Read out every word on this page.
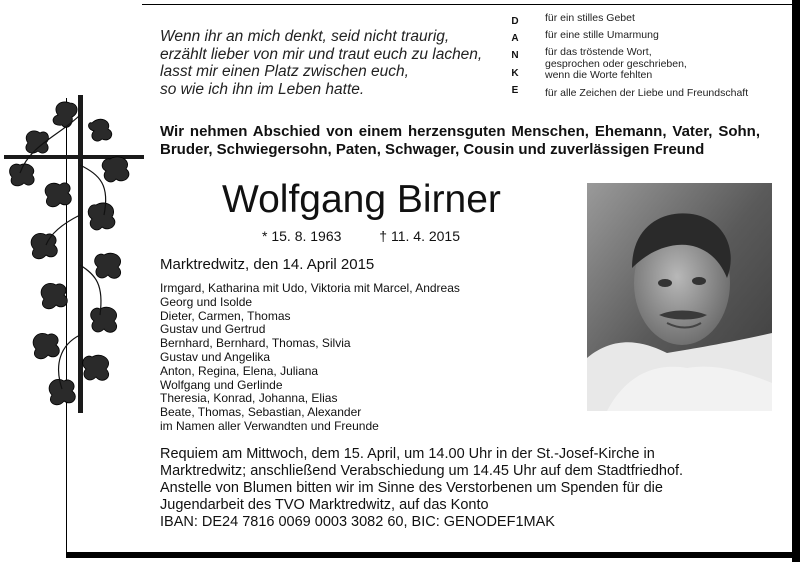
Wenn ihr an mich denkt, seid nicht traurig,
erzählt lieber von mir und traut euch zu lachen,
lasst mir einen Platz zwischen euch,
so wie ich ihn im Leben hatte.
D
A
N
K
E
für ein stilles Gebet
für eine stille Umarmung
für das tröstende Wort,
gesprochen oder geschrieben,
wenn die Worte fehlten
für alle Zeichen der Liebe und Freundschaft
Wir nehmen Abschied von einem herzensguten Menschen, Ehemann, Vater, Sohn, Bruder, Schwiegersohn, Paten, Schwager, Cousin und zuverlässigen Freund
Wolfgang Birner
* 15. 8. 1963	† 11. 4. 2015
Marktredwitz, den 14. April 2015
Irmgard, Katharina mit Udo, Viktoria mit Marcel, Andreas
Georg und Isolde
Dieter, Carmen, Thomas
Gustav und Gertrud
Bernhard, Bernhard, Thomas, Silvia
Gustav und Angelika
Anton, Regina, Elena, Juliana
Wolfgang und Gerlinde
Theresia, Konrad, Johanna, Elias
Beate, Thomas, Sebastian, Alexander
im Namen aller Verwandten und Freunde
Requiem am Mittwoch, dem 15. April, um 14.00 Uhr in der St.-Josef-Kirche in
Marktredwitz; anschließend Verabschiedung um 14.45 Uhr auf dem Stadtfriedhof.
Anstelle von Blumen bitten wir im Sinne des Verstorbenen um Spenden für die
Jugendarbeit des TVO Marktredwitz, auf das Konto
IBAN: DE24 7816 0069 0003 3082 60, BIC: GENODEF1MAK
